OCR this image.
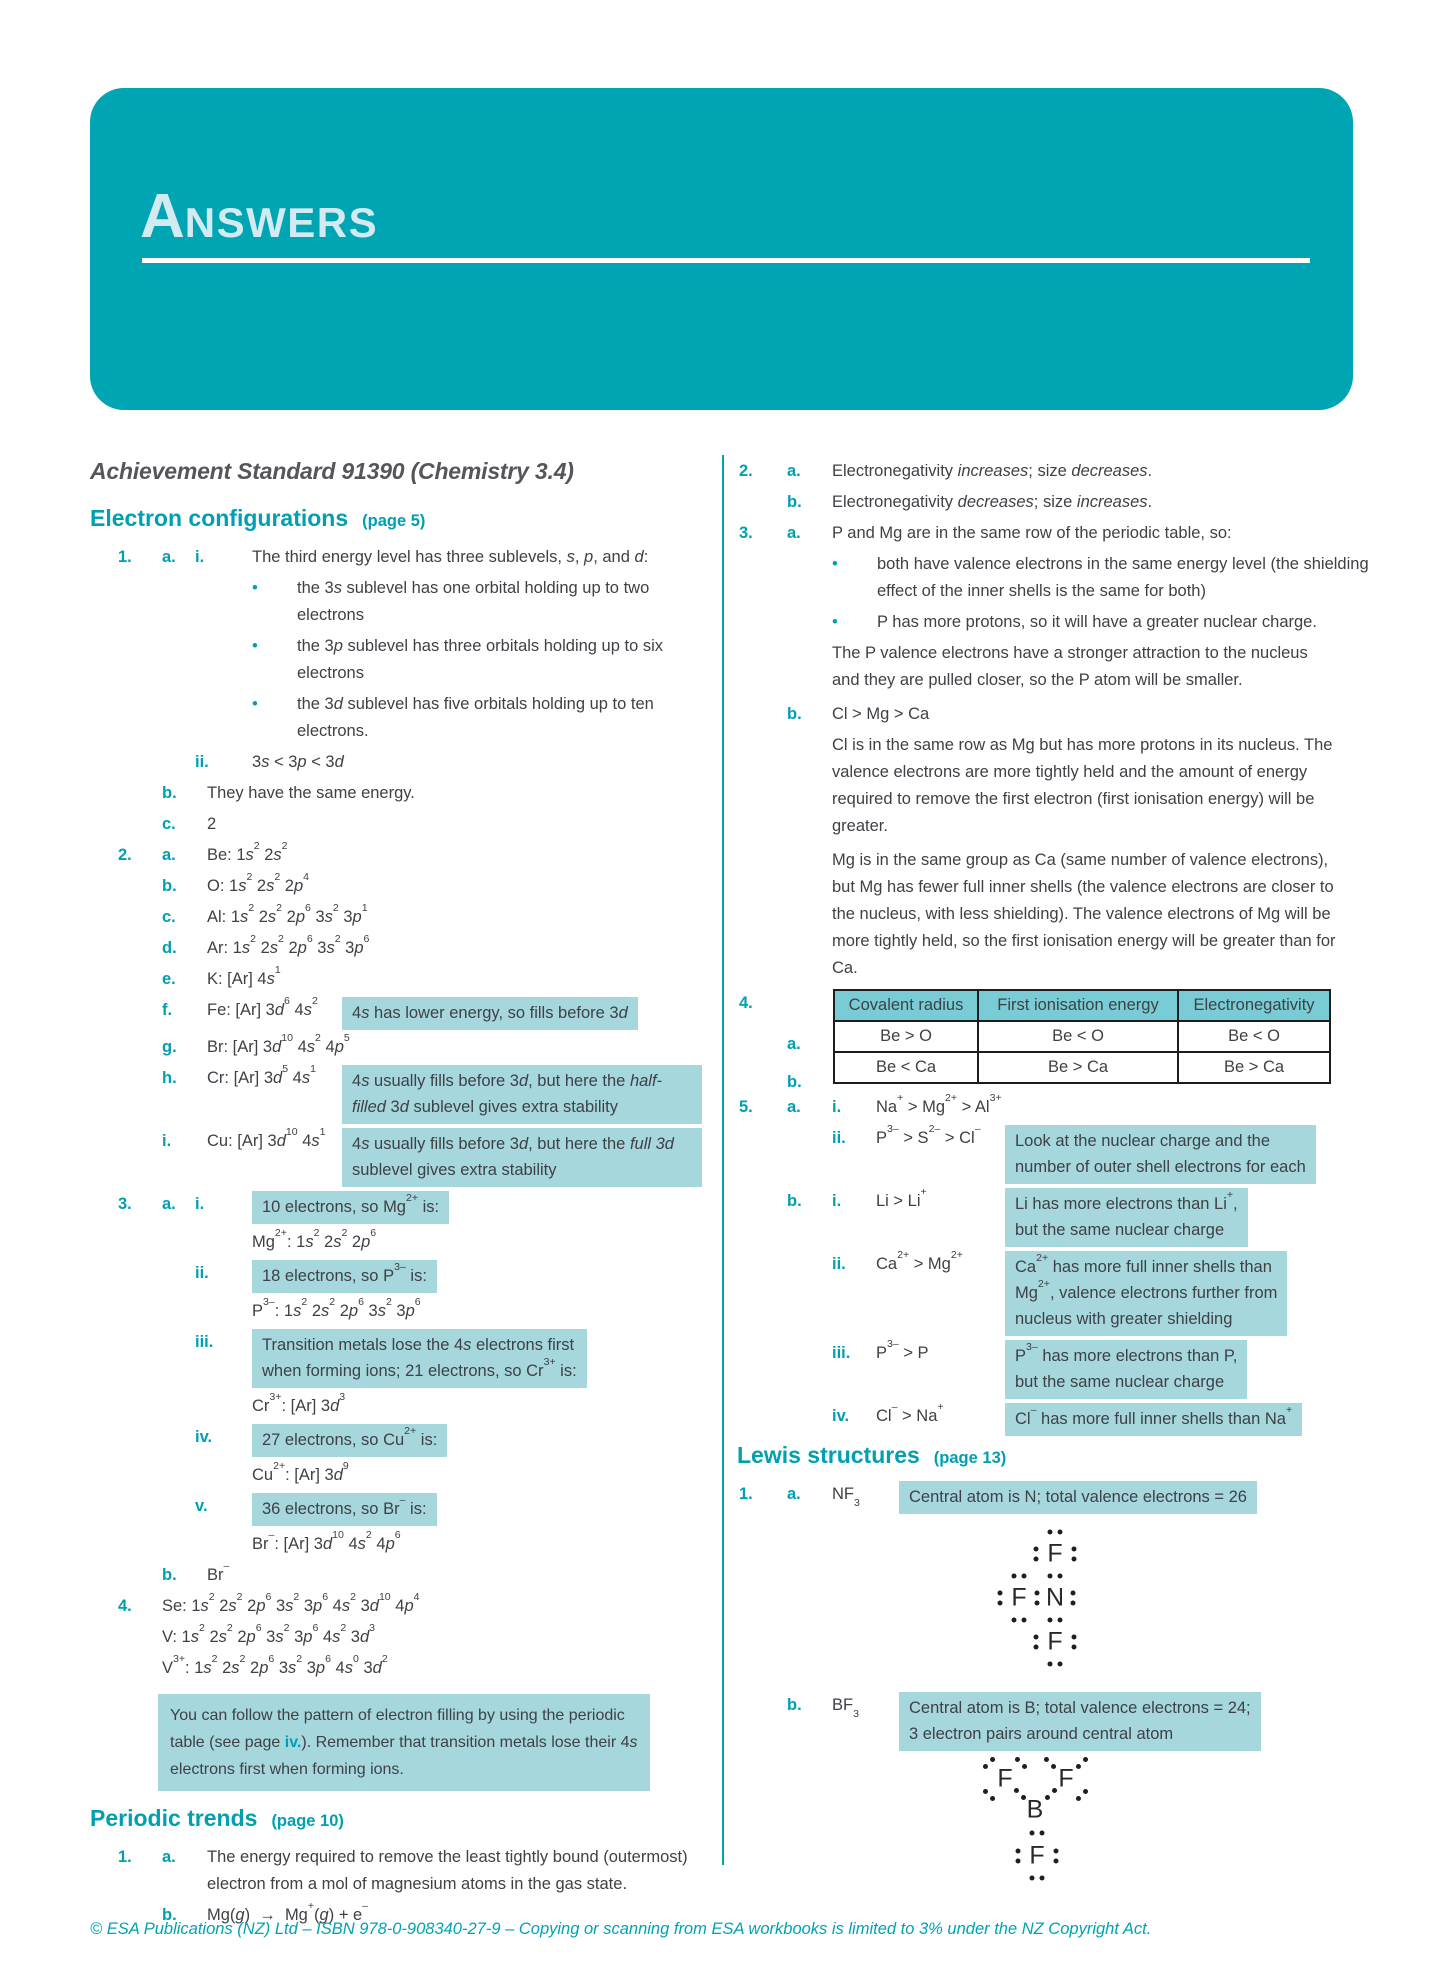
ANSWERS
Achievement Standard 91390 (Chemistry 3.4)
Electron configurations (page 5)
1.	a.	i.	The third energy level has three sublevels, s, p, and d:
•	the 3s sublevel has one orbital holding up to two electrons
•	the 3p sublevel has three orbitals holding up to six electrons
•	the 3d sublevel has five orbitals holding up to ten electrons.
ii.	3s < 3p < 3d
b.	They have the same energy.
c.	2
2.	a.	Be: $1s^2$ $2s^2$
b.	O: $1s^2$ $2s^2$ $2p^4$
c.	Al: $1s^2$ $2s^2$ $2p^6$ $3s^2$ $3p^1$
d.	Ar: $1s^2$ $2s^2$ $2p^6$ $3s^2$ $3p^6$
e.	K: [Ar] $4s^1$
f.	Fe: [Ar] $3d^6$ $4s^2$
4s has lower energy, so fills before 3d
g.	Br: [Ar] $3d^{10}$ $4s^2$ $4p^5$
h.	Cr: [Ar] $3d^5$ $4s^1$
4s usually fills before 3d, but here the half-filled 3d sublevel gives extra stability
i.	Cu: [Ar] $3d^{10}$ $4s^1$
4s usually fills before 3d, but here the full 3d sublevel gives extra stability
3.	a.	i.	10 electrons, so $Mg^{2+}$ is:
$Mg^{2+}$: $1s^2$ $2s^2$ $2p^6$
ii.	18 electrons, so $P^{3-}$ is:
$P^{3-}$: $1s^2$ $2s^2$ $2p^6$ $3s^2$ $3p^6$
iii.	Transition metals lose the 4s electrons first
when forming ions; 21 electrons, so $Cr^{3+}$ is:
$Cr^{3+}$: [Ar] $3d^3$
iv.	27 electrons, so $Cu^{2+}$ is:
$Cu^{2+}$: [Ar] $3d^9$
v.	36 electrons, so Br– is:
Br–: [Ar] $3d^{10}$ $4s^2$ $4p^6$
b.	Br–
4.	Se: $1s^2$ $2s^2$ $2p^6$ $3s^2$ $3p^6$ $4s^2$ $3d^{10}$ $4p^4$
V: $1s^2$ $2s^2$ $2p^6$ $3s^2$ $3p^6$ $4s^2$ $3d^3$
$V^{3+}$: $1s^2$ $2s^2$ $2p^6$ $3s^2$ $3p^6$ $4s^0$ $3d^2$
You can follow the pattern of electron filling by using the periodic
table (see page iv.). Remember that transition metals lose their 4s
electrons first when forming ions.
Periodic trends (page 10)
1.	a.	The energy required to remove the least tightly bound (outermost) electron from a mol of magnesium atoms in the gas state.
b.	Mg(g)  →  Mg+(g) + e–
2.	a.	Electronegativity increases; size decreases.
b.	Electronegativity decreases; size increases.
3.	a.	P and Mg are in the same row of the periodic table, so:
•	both have valence electrons in the same energy level (the shielding effect of the inner shells is the same for both)
•	P has more protons, so it will have a greater nuclear charge.
The P valence electrons have a stronger attraction to the nucleus and they are pulled closer, so the P atom will be smaller.
b.	Cl > Mg > Ca
Cl is in the same row as Mg but has more protons in its nucleus. The valence electrons are more tightly held and the amount of energy required to remove the first electron (first ionisation energy) will be greater.
Mg is in the same group as Ca (same number of valence electrons), but Mg has fewer full inner shells (the valence electrons are closer to the nucleus, with less shielding). The valence electrons of Mg will be more tightly held, so the first ionisation energy will be greater than for Ca.
4.
a.
b.
Covalent radius	First ionisation energy	Electronegativity
Be > O	Be < O	Be < O
Be < Ca	Be > Ca	Be > Ca
5.	a.	i.	$Na^+ > Mg^{2+} > Al^{3+}$
ii.	$P^{3-} > S^{2-} > Cl^-$
Look at the nuclear charge and the
number of outer shell electrons for each
b.	i.	Li > Li+
Li has more electrons than Li+,
but the same nuclear charge
ii.	$Ca^{2+} > Mg^{2+}$
$Ca^{2+}$ has more full inner shells than
$Mg^{2+}$, valence electrons further from
nucleus with greater shielding
iii.	$P^{3-} > P$	$P^{3-}$ has more electrons than P,
but the same nuclear charge
iv.	Cl– > Na+
Cl– has more full inner shells than Na+
Lewis structures (page 13)
1.	a.	$NF_3$	Central atom is N; total valence electrons = 26
F
F N
F
b.	$BF_3$	Central atom is B; total valence electrons = 24;
3 electron pairs around central atom
F F
B
F
© ESA Publications (NZ) Ltd – ISBN 978-0-908340-27-9 – Copying or scanning from ESA workbooks is limited to 3% under the NZ Copyright Act.
